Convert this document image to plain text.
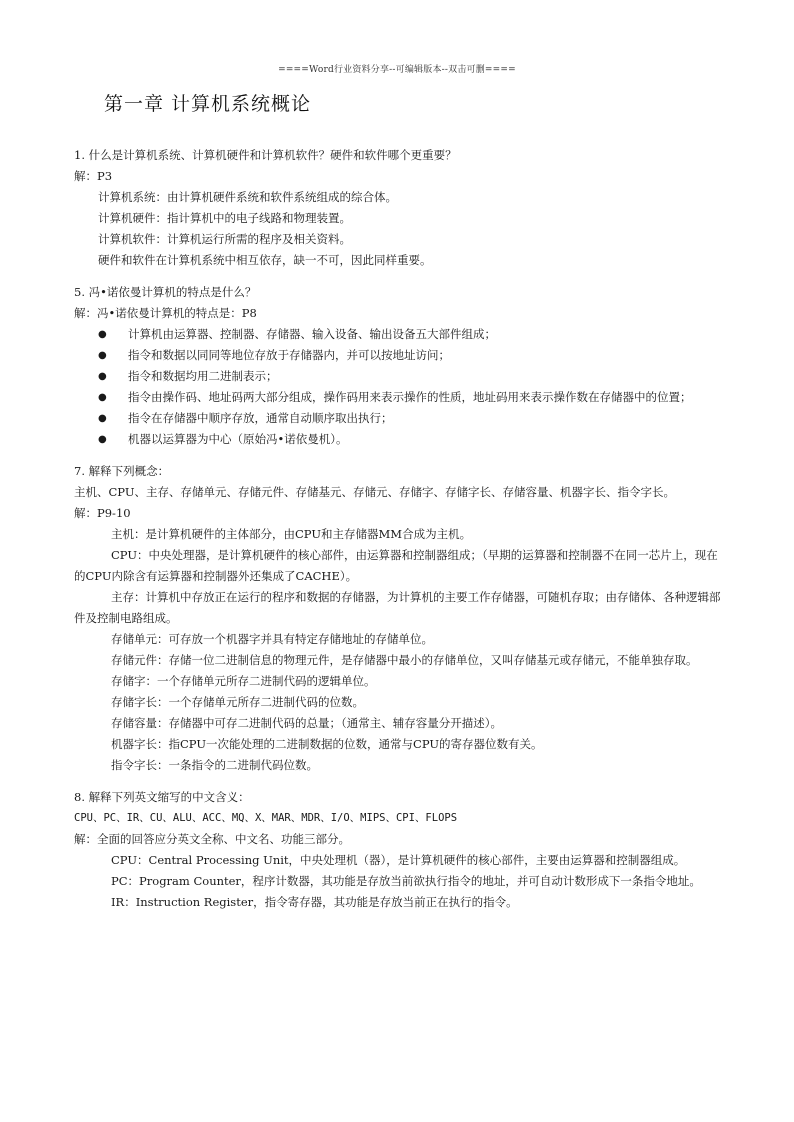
====Word行业资料分享--可编辑版本--双击可删====
第一章 计算机系统概论

1. 什么是计算机系统、计算机硬件和计算机软件？硬件和软件哪个更重要？

解：P3

计算机系统：由计算机硬件系统和软件系统组成的综合体。

计算机硬件：指计算机中的电子线路和物理装置。

计算机软件：计算机运行所需的程序及相关资料。

硬件和软件在计算机系统中相互依存，缺一不可，因此同样重要。

5. 冯•诺依曼计算机的特点是什么？

解：冯•诺依曼计算机的特点是：P8

● 计算机由运算器、控制器、存储器、输入设备、输出设备五大部件组成；
● 指令和数据以同同等地位存放于存储器内，并可以按地址访问；
● 指令和数据均用二进制表示；
● 指令由操作码、地址码两大部分组成，操作码用来表示操作的性质，地址码用来表示操作数在存储器中的位置；
● 指令在存储器中顺序存放，通常自动顺序取出执行；
● 机器以运算器为中心（原始冯•诺依曼机）。

7. 解释下列概念：

主机、CPU、主存、存储单元、存储元件、存储基元、存储元、存储字、存储字长、存储容量、机器字长、指令字长。

解：P9-10

主机：是计算机硬件的主体部分，由CPU和主存储器MM合成为主机。

CPU：中央处理器，是计算机硬件的核心部件，由运算器和控制器组成；（早期的运算器和控制器不在同一芯片上，现在的CPU内除含有运算器和控制器外还集成了CACHE）。

主存：计算机中存放正在运行的程序和数据的存储器，为计算机的主要工作存储器，可随机存取；由存储体、各种逻辑部件及控制电路组成。

存储单元：可存放一个机器字并具有特定存储地址的存储单位。

存储元件：存储一位二进制信息的物理元件，是存储器中最小的存储单位，又叫存储基元或存储元，不能单独存取。

存储字：一个存储单元所存二进制代码的逻辑单位。

存储字长：一个存储单元所存二进制代码的位数。

存储容量：存储器中可存二进制代码的总量；（通常主、辅存容量分开描述）。

机器字长：指CPU一次能处理的二进制数据的位数，通常与CPU的寄存器位数有关。

指令字长：一条指令的二进制代码位数。

8. 解释下列英文缩写的中文含义：

CPU、PC、IR、CU、ALU、ACC、MQ、X、MAR、MDR、I/O、MIPS、CPI、FLOPS

解：全面的回答应分英文全称、中文名、功能三部分。

CPU：Central Processing Unit，中央处理机（器），是计算机硬件的核心部件，主要由运算器和控制器组成。

PC：Program Counter，程序计数器，其功能是存放当前欲执行指令的地址，并可自动计数形成下一条指令地址。

IR：Instruction Register，指令寄存器，其功能是存放当前正在执行的指令。
